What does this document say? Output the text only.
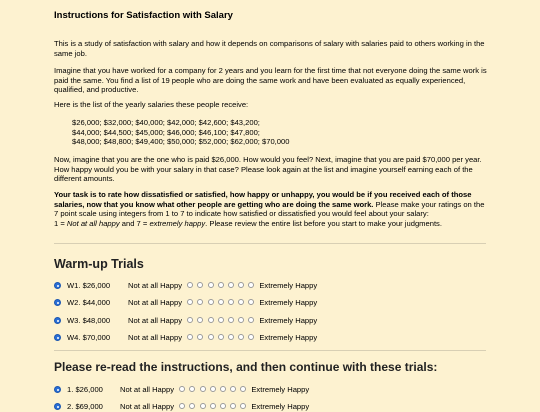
Instructions for Satisfaction with Salary
This is a study of satisfaction with salary and how it depends on comparisons of salary with salaries paid to others working in the same job.
Imagine that you have worked for a company for 2 years and you learn for the first time that not everyone doing the same work is paid the same. You find a list of 19 people who are doing the same work and have been evaluated as equally experienced, qualified, and productive.
Here is the list of the yearly salaries these people receive:
$26,000; $32,000; $40,000; $42,000; $42,600; $43,200;
$44,000; $44,500; $45,000; $46,000; $46,100; $47,800;
$48,000; $48,800; $49,400; $50,000; $52,000; $62,000; $70,000
Now, imagine that you are the one who is paid $26,000. How would you feel? Next, imagine that you are paid $70,000 per year. How happy would you be with your salary in that case? Please look again at the list and imagine yourself earning each of the different amounts.
Your task is to rate how dissatisfied or satisfied, how happy or unhappy, you would be if you received each of those salaries, now that you know what other people are getting who are doing the same work. Please make your ratings on the 7 point scale using integers from 1 to 7 to indicate how satisfied or dissatisfied you would feel about your salary:
1 = Not at all happy and 7 = extremely happy. Please review the entire list before you start to make your judgments.
Warm-up Trials
W1. $26,000	Not at all Happy	Extremely Happy
W2. $44,000	Not at all Happy	Extremely Happy
W3. $48,000	Not at all Happy	Extremely Happy
W4. $70,000	Not at all Happy	Extremely Happy
Please re-read the instructions, and then continue with these trials:
1. $26,000	Not at all Happy	Extremely Happy
2. $69,000	Not at all Happy	Extremely Happy
